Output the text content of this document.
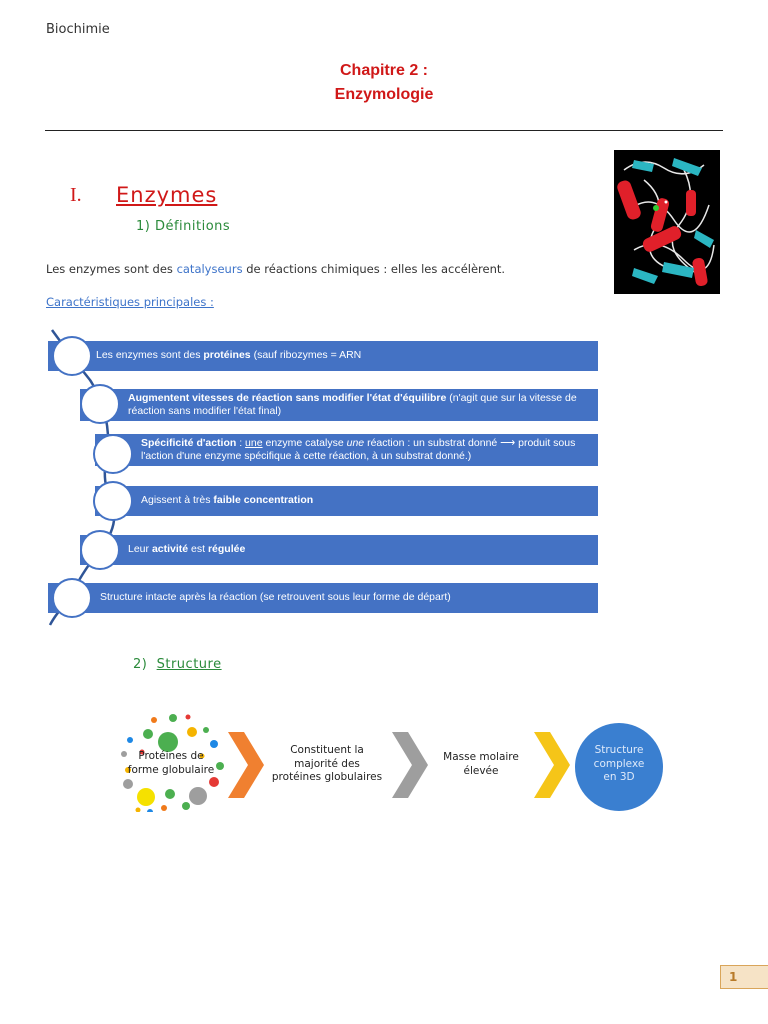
Biochimie
Chapitre 2 :
Enzymologie
I. Enzymes
1) Définitions
Les enzymes sont des catalyseurs de réactions chimiques : elles les accélèrent.
Caractéristiques principales :
Les enzymes sont des protéines (sauf ribozymes = ARN
Augmentent vitesses de réaction sans modifier l'état d'équilibre (n'agit que sur la vitesse de réaction sans modifier l'état final)
Spécificité d'action : une enzyme catalyse une réaction : un substrat donné ⟶ produit sous l'action d'une enzyme spécifique à cette réaction, à un substrat donné.)
Agissent à très faible concentration
Leur activité est régulée
Structure intacte après la réaction (se retrouvent sous leur forme de départ)
2) Structure
Protéines de
forme globulaire
Constituent la
majorité des
protéines globulaires
Masse molaire
élevée
Structure
complexe
en 3D
1
